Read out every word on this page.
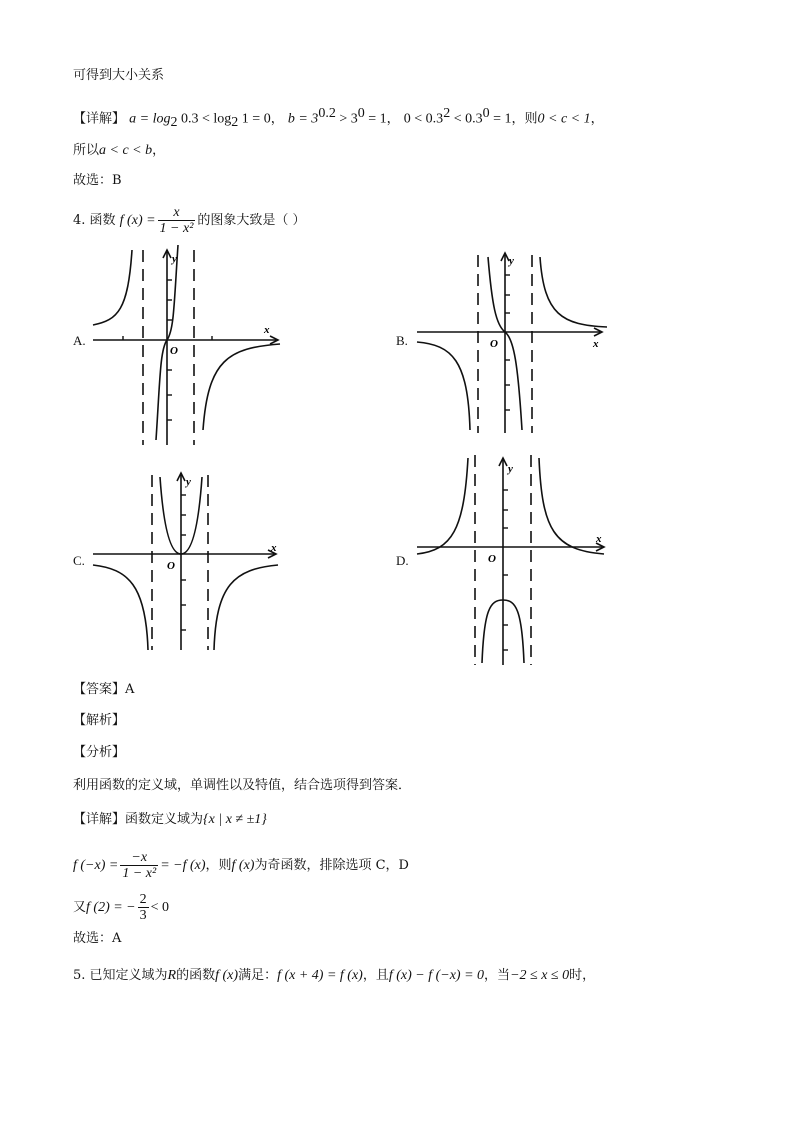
可得到大小关系
【详解】 $a = \log_2 0.3 < \log_2 1 = 0$， $b = 3^{0.2} > 3^0 = 1$， $0 < 0.3^2 < 0.3^0 = 1$，则0 < c < 1，
所以a < c < b，
故选：B
4. 函数 f $(x) = \frac{x}{\text{1 − x²}}$ 的图象大致是（ ）
A.
x
y
O
B.	x
y
O
C.
x
y
O	D.
x
y
O
【答案】A
【解析】
【分析】
利用函数的定义域，单调性以及特值，结合选项得到答案．
【详解】函数定义域为{x | x ≠ ±1}
f $(-x) = \frac{-x}{\text{1 − x²}} = -f$ (x)，则f (x)为奇函数，排除选项 C，D
又f (2) = − $\frac{2}{3} < 0$
故选：A
5. 已知定义域为R的函数f (x)满足：f (x + 4) = f (x)，且f (x) − f (−x) = 0，当−2 ≤ x ≤ 0时，
